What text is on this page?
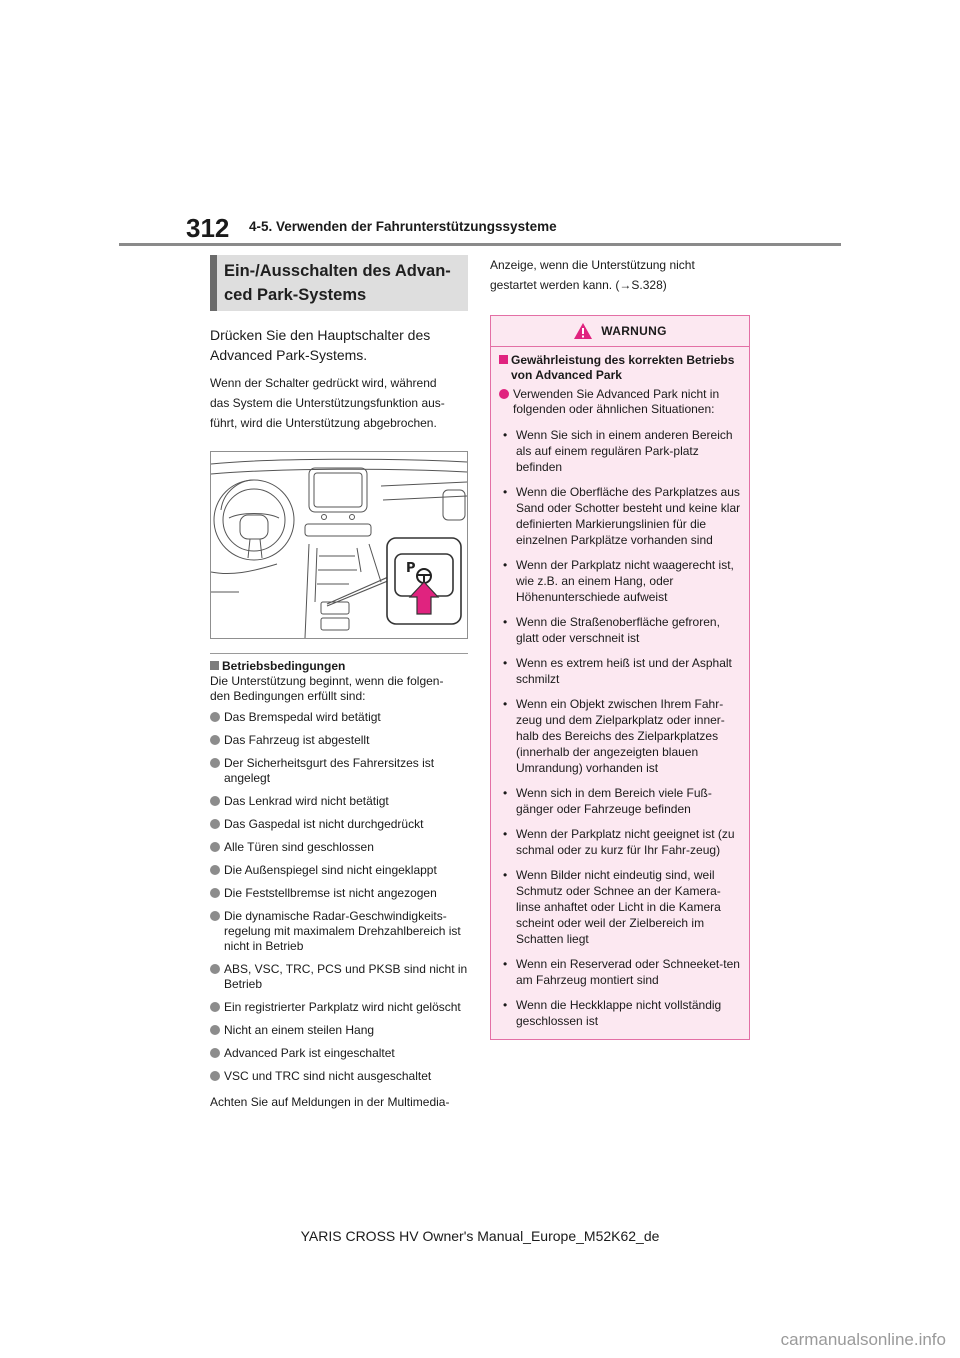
312 4-5. Verwenden der Fahrunterstützungssysteme
Ein-/Ausschalten des Advan-
ced Park-Systems

Drücken Sie den Hauptschalter des
Advanced Park-Systems.

Wenn der Schalter gedrückt wird, während
das System die Unterstützungsfunktion aus-
führt, wird die Unterstützung abgebrochen.

P
Betriebsbedingungen

Die Unterstützung beginnt, wenn die folgen-
den Bedingungen erfüllt sind:

Das Bremspedal wird betätigt
Das Fahrzeug ist abgestellt
Der Sicherheitsgurt des Fahrersitzes ist angelegt
Das Lenkrad wird nicht betätigt
Das Gaspedal ist nicht durchgedrückt
Alle Türen sind geschlossen
Die Außenspiegel sind nicht eingeklappt
Die Feststellbremse ist nicht angezogen
Die dynamische Radar-Geschwindigkeits-regelung mit maximalem Drehzahlbereich ist nicht in Betrieb
ABS, VSC, TRC, PCS und PKSB sind nicht in Betrieb
Ein registrierter Parkplatz wird nicht gelöscht
Nicht an einem steilen Hang
Advanced Park ist eingeschaltet
VSC und TRC sind nicht ausgeschaltet

Achten Sie auf Meldungen in der Multimedia-

Anzeige, wenn die Unterstützung nicht
gestartet werden kann. (→S.328)

WARNUNG
Gewährleistung des korrekten Betriebs von Advanced Park
Verwenden Sie Advanced Park nicht in folgenden oder ähnlichen Situationen:
• Wenn Sie sich in einem anderen Bereich als auf einem regulären Park-platz befinden
• Wenn die Oberfläche des Parkplatzes aus Sand oder Schotter besteht und keine klar definierten Markierungslinien für die einzelnen Parkplätze vorhanden sind
• Wenn der Parkplatz nicht waagerecht ist, wie z.B. an einem Hang, oder Höhenunterschiede aufweist
• Wenn die Straßenoberfläche gefroren, glatt oder verschneit ist
• Wenn es extrem heiß ist und der Asphalt schmilzt
• Wenn ein Objekt zwischen Ihrem Fahr-zeug und dem Zielparkplatz oder inner-halb des Bereichs des Zielparkplatzes (innerhalb der angezeigten blauen Umrandung) vorhanden ist
• Wenn sich in dem Bereich viele Fuß-gänger oder Fahrzeuge befinden
• Wenn der Parkplatz nicht geeignet ist (zu schmal oder zu kurz für Ihr Fahr-zeug)
• Wenn Bilder nicht eindeutig sind, weil Schmutz oder Schnee an der Kamera-linse anhaftet oder Licht in die Kamera scheint oder weil der Zielbereich im Schatten liegt
• Wenn ein Reserverad oder Schneeket-ten am Fahrzeug montiert sind
• Wenn die Heckklappe nicht vollständig geschlossen ist
YARIS CROSS HV Owner's Manual_Europe_M52K62_de
carmanualsonline.info
